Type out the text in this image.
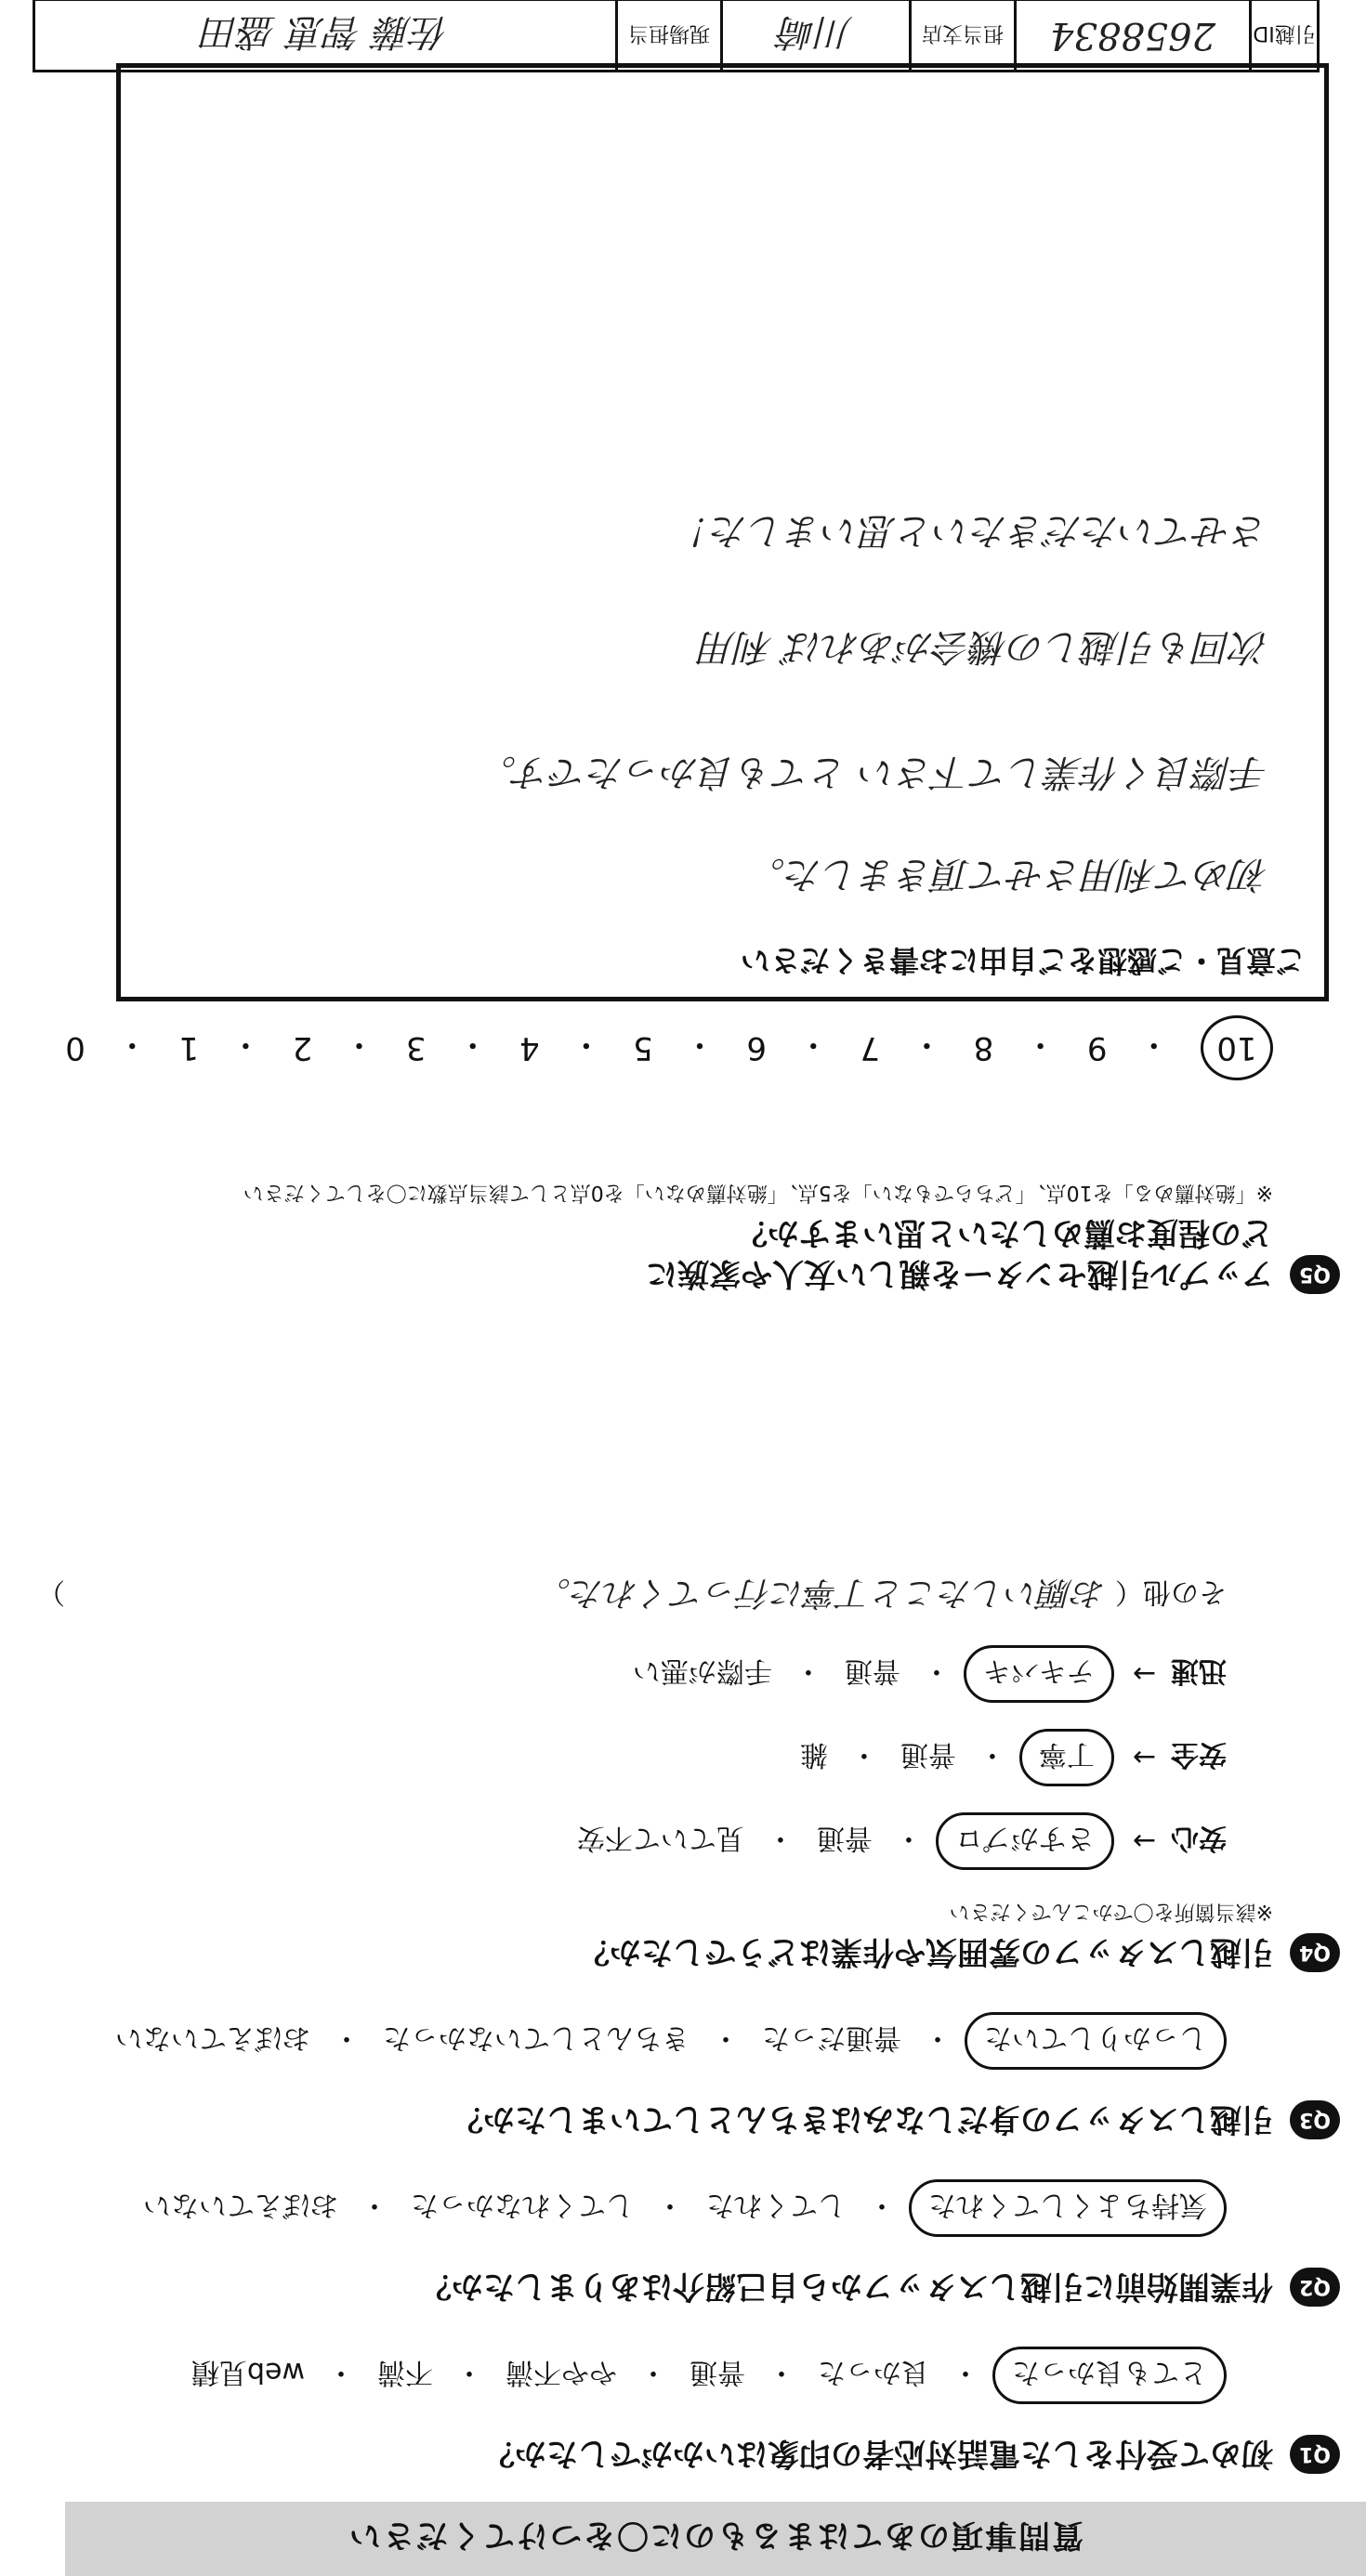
質問事項のあてはまるものに〇をつけてください
Q1
初めて受付をした電話対応者の印象はいかがでしたか？
とても良かった
・
良かった
・
普通
・
やや不満
・
不満
・
web見積
Q2
作業開始前に引越しスタッフから自己紹介はありましたか？
気持ちよくしてくれた
・
してくれた
・
してくれなかった
・
おぼえていない
Q3
引越しスタッフの身だしなみはきちんとしていましたか？
しっかりしていた
・
普通だった
・
きちんとしていなかった
・
おぼえていない
Q4
引越しスタッフの雰囲気や作業はどうでしたか？
※該当箇所を〇でかこんでください
安心
→
さすがプロ
・
普通
・
見ていて不安
安全
→
丁寧
・
普通
・
雑
迅速
→
テキパキ
・
普通
・
手際が悪い
その他（
お願いしたこと丁寧に行ってくれた。
）
Q5
アップル引越センターを親しい友人や家族に
どの程度お薦めしたいと思いますか？
※「絶対薦める」を10点、「どちらでもない」を5点、「絶対薦めない」を0点として該当点数に〇をしてください
10
・
9
・
8
・
7
・
6
・
5
・
4
・
3
・
2
・
1
・
0
ご意見・ご感想をご自由にお書きください
初めて利用させて頂きました。
手際良く作業して下さい とても良かったです。
次回も引越しの機会があれば 利用
させていただきたいと思いました！
引越ID
2658834
担当支店
川崎
現場担当
佐藤 智恵 盛田
